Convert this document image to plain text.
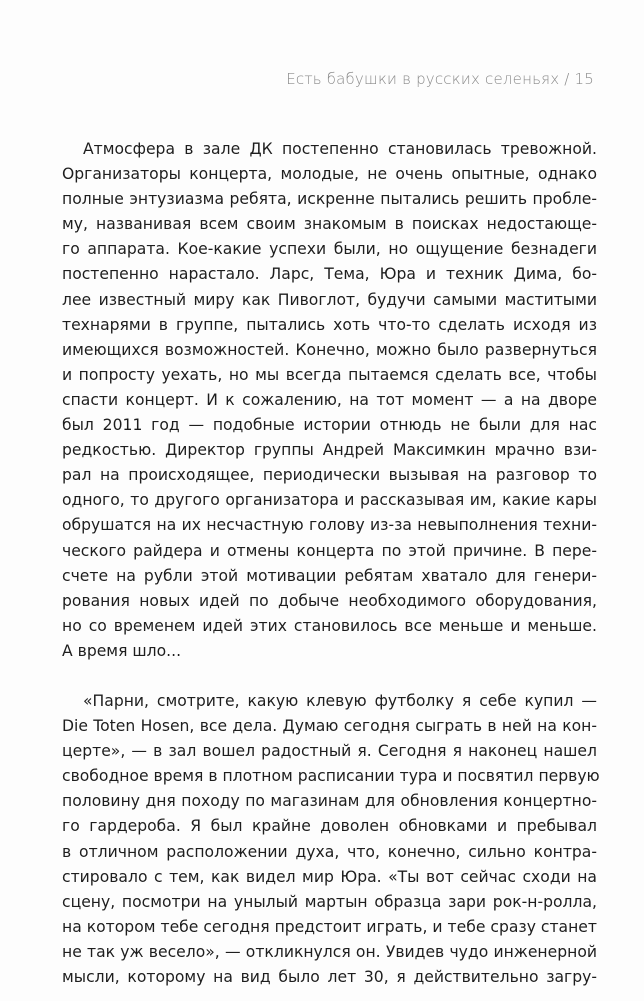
Есть бабушки в русских селеньях / 15
Атмосфера в зале ДК постепенно становилась тревожной.
Организаторы концерта, молодые, не очень опытные, однако
полные энтузиазма ребята, искренне пытались решить пробле-
му, названивая всем своим знакомым в поисках недостающе-
го аппарата. Кое-какие успехи были, но ощущение безнадеги
постепенно нарастало. Ларс, Тема, Юра и техник Дима, бо-
лее известный миру как Пивоглот, будучи самыми маститыми
технарями в группе, пытались хоть что-то сделать исходя из
имеющихся возможностей. Конечно, можно было развернуться
и попросту уехать, но мы всегда пытаемся сделать все, чтобы
спасти концерт. И к сожалению, на тот момент — а на дворе
был 2011 год — подобные истории отнюдь не были для нас
редкостью. Директор группы Андрей Максимкин мрачно взи-
рал на происходящее, периодически вызывая на разговор то
одного, то другого организатора и рассказывая им, какие кары
обрушатся на их несчастную голову из-за невыполнения техни-
ческого райдера и отмены концерта по этой причине. В пере-
счете на рубли этой мотивации ребятам хватало для генери-
рования новых идей по добыче необходимого оборудования,
но со временем идей этих становилось все меньше и меньше.
А время шло...
«Парни, смотрите, какую клевую футболку я себе купил —
Die Toten Hosen, все дела. Думаю сегодня сыграть в ней на кон-
церте», — в зал вошел радостный я. Сегодня я наконец нашел
свободное время в плотном расписании тура и посвятил первую
половину дня походу по магазинам для обновления концертно-
го гардероба. Я был крайне доволен обновками и пребывал
в отличном расположении духа, что, конечно, сильно контра-
стировало с тем, как видел мир Юра. «Ты вот сейчас сходи на
сцену, посмотри на унылый мартын образца зари рок-н-ролла,
на котором тебе сегодня предстоит играть, и тебе сразу станет
не так уж весело», — откликнулся он. Увидев чудо инженерной
мысли, которому на вид было лет 30, я действительно загру-
